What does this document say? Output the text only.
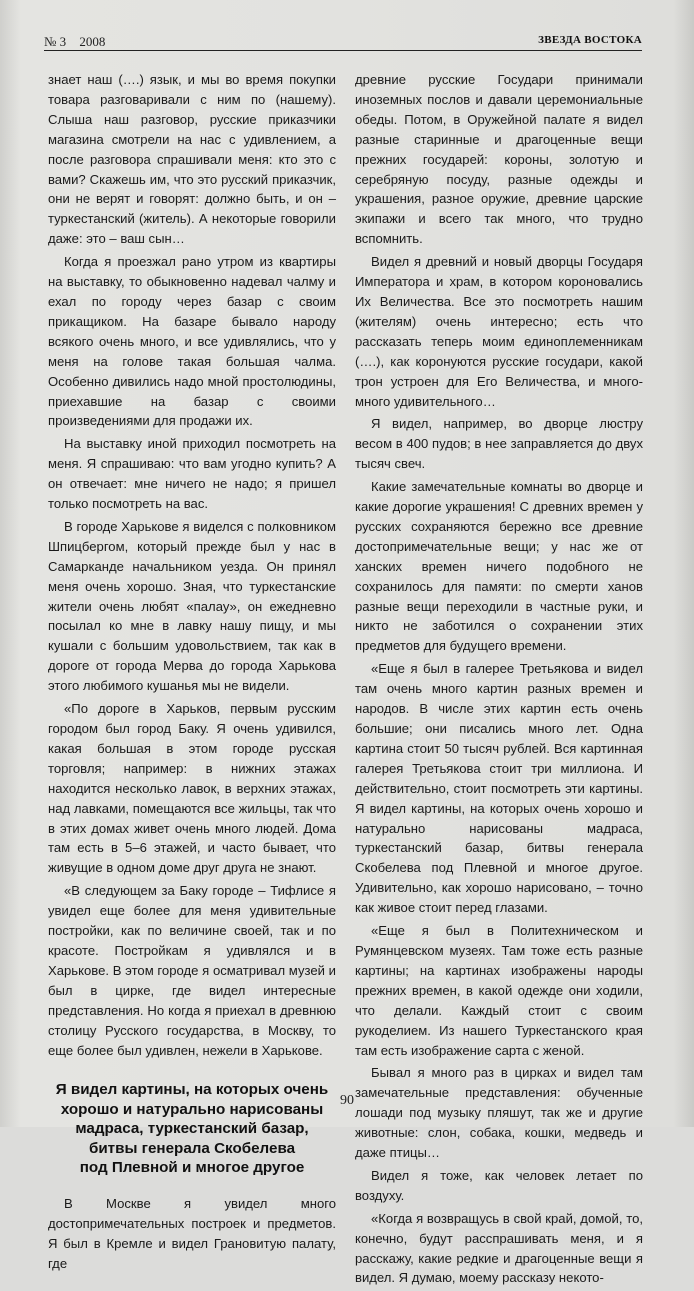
№ 3 2008	ЗВЕЗДА ВОСТОКА

знает наш (….) язык, и мы во время покупки товара разговаривали с ним по (нашему). Слыша наш разговор, русские приказчики магазина смотрели на нас с удивлением, а после разговора спрашивали меня: кто это с вами? Скажешь им, что это русский приказчик, они не верят и говорят: должно быть, и он – туркестанский (житель). А некоторые говорили даже: это – ваш сын…

Когда я проезжал рано утром из квартиры на выставку, то обыкновенно надевал чалму и ехал по городу через базар с своим прикащиком. На базаре бывало народу всякого очень много, и все удивлялись, что у меня на голове такая большая чалма. Особенно дивились надо мной простолюдины, приехавшие на базар с своими произведениями для продажи их.

На выставку иной приходил посмотреть на меня. Я спрашиваю: что вам угодно купить? А он отвечает: мне ничего не надо; я пришел только посмотреть на вас.

В городе Харькове я виделся с полковником Шпицбергом, который прежде был у нас в Самарканде начальником уезда. Он принял меня очень хорошо. Зная, что туркестанские жители очень любят «палау», он ежедневно посылал ко мне в лавку нашу пищу, и мы кушали с большим удовольствием, так как в дороге от города Мерва до города Харькова этого любимого кушанья мы не видели.

«По дороге в Харьков, первым русским городом был город Баку. Я очень удивился, какая большая в этом городе русская торговля; например: в нижних этажах находится несколько лавок, в верхних этажах, над лавками, помещаются все жильцы, так что в этих домах живет очень много людей. Дома там есть в 5–6 этажей, и часто бывает, что живущие в одном доме друг друга не знают.

«В следующем за Баку городе – Тифлисе я увидел еще более для меня удивительные постройки, как по величине своей, так и по красоте. Постройкам я удивлялся и в Харькове. В этом городе я осматривал музей и был в цирке, где видел интересные представления. Но когда я приехал в древнюю столицу Русского государства, в Москву, то еще более был удивлен, нежели в Харькове.

Я видел картины, на которых очень
хорошо и натурально нарисованы
мадраса, туркестанский базар,
битвы генерала Скобелева
под Плевной и многое другое

В Москве я увидел много достопримечательных построек и предметов. Я был в Кремле и видел Грановитую палату, где

древние русские Государи принимали иноземных послов и давали церемониальные обеды. Потом, в Оружейной палате я видел разные старинные и драгоценные вещи прежних государей: короны, золотую и серебряную посуду, разные одежды и украшения, разное оружие, древние царские экипажи и всего так много, что трудно вспомнить.

Видел я древний и новый дворцы Государя Императора и храм, в котором короновались Их Величества. Все это посмотреть нашим (жителям) очень интересно; есть что рассказать теперь моим единоплеменникам (….), как коронуются русские государи, какой трон устроен для Его Величества, и много-много удивительного…

Я видел, например, во дворце люстру весом в 400 пудов; в нее заправляется до двух тысяч свеч.

Какие замечательные комнаты во дворце и какие дорогие украшения! С древних времен у русских сохраняются бережно все древние достопримечательные вещи; у нас же от ханских времен ничего подобного не сохранилось для памяти: по смерти ханов разные вещи переходили в частные руки, и никто не заботился о сохранении этих предметов для будущего времени.

«Еще я был в галерее Третьякова и видел там очень много картин разных времен и народов. В числе этих картин есть очень большие; они писались много лет. Одна картина стоит 50 тысяч рублей. Вся картинная галерея Третьякова стоит три миллиона. И действительно, стоит посмотреть эти картины. Я видел картины, на которых очень хорошо и натурально нарисованы мадраса, туркестанский базар, битвы генерала Скобелева под Плевной и многое другое. Удивительно, как хорошо нарисовано, – точно как живое стоит перед глазами.

«Еще я был в Политехническом и Румянцевском музеях. Там тоже есть разные картины; на картинах изображены народы прежних времен, в какой одежде они ходили, что делали. Каждый стоит с своим рукоделием. Из нашего Туркестанского края там есть изображение сарта с женой.

Бывал я много раз в цирках и видел там замечательные представления: обученные лошади под музыку пляшут, так же и другие животные: слон, собака, кошки, медведь и даже птицы…

Видел я тоже, как человек летает по воздуху.

«Когда я возвращусь в свой край, домой, то, конечно, будут расспрашивать меня, и я расскажу, какие редкие и драгоценные вещи я видел. Я думаю, моему рассказу некото-

90
